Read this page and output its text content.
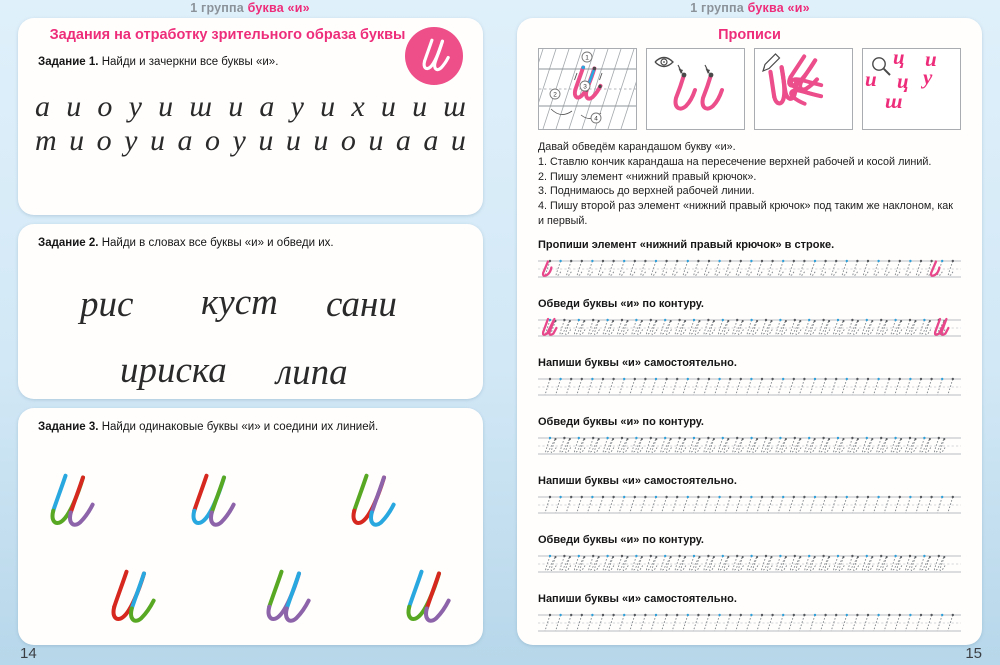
1 группа буква «и»	1 группа буква «и»
Задания на отработку зрительного образа буквы
Задание 1. Найди и зачеркни все буквы «и».
а и о у и ш и а у и х и и ш
т и о у и а о у и и и о и а а и
Задание 2. Найди в словах все буквы «и» и обведи их.
рис куст сани
ириска липа
Задание 3. Найди одинаковые буквы «и» и соедини их линией.
Прописи
1
2
3
4
ц и
и ц у
ш
Давай обведём карандашом букву «и».
1. Ставлю кончик карандаша на пересечение верхней рабочей и косой линий.
2. Пишу элемент «нижний правый крючок».
3. Поднимаюсь до верхней рабочей линии.
4. Пишу второй раз элемент «нижний правый крючок» под таким же наклоном, как и первый.
Пропиши элемент «нижний правый крючок» в строке.
Обведи буквы «и» по контуру.
Напиши буквы «и» самостоятельно.
Обведи буквы «и» по контуру.
Напиши буквы «и» самостоятельно.
Обведи буквы «и» по контуру.
Напиши буквы «и» самостоятельно.
14	15
